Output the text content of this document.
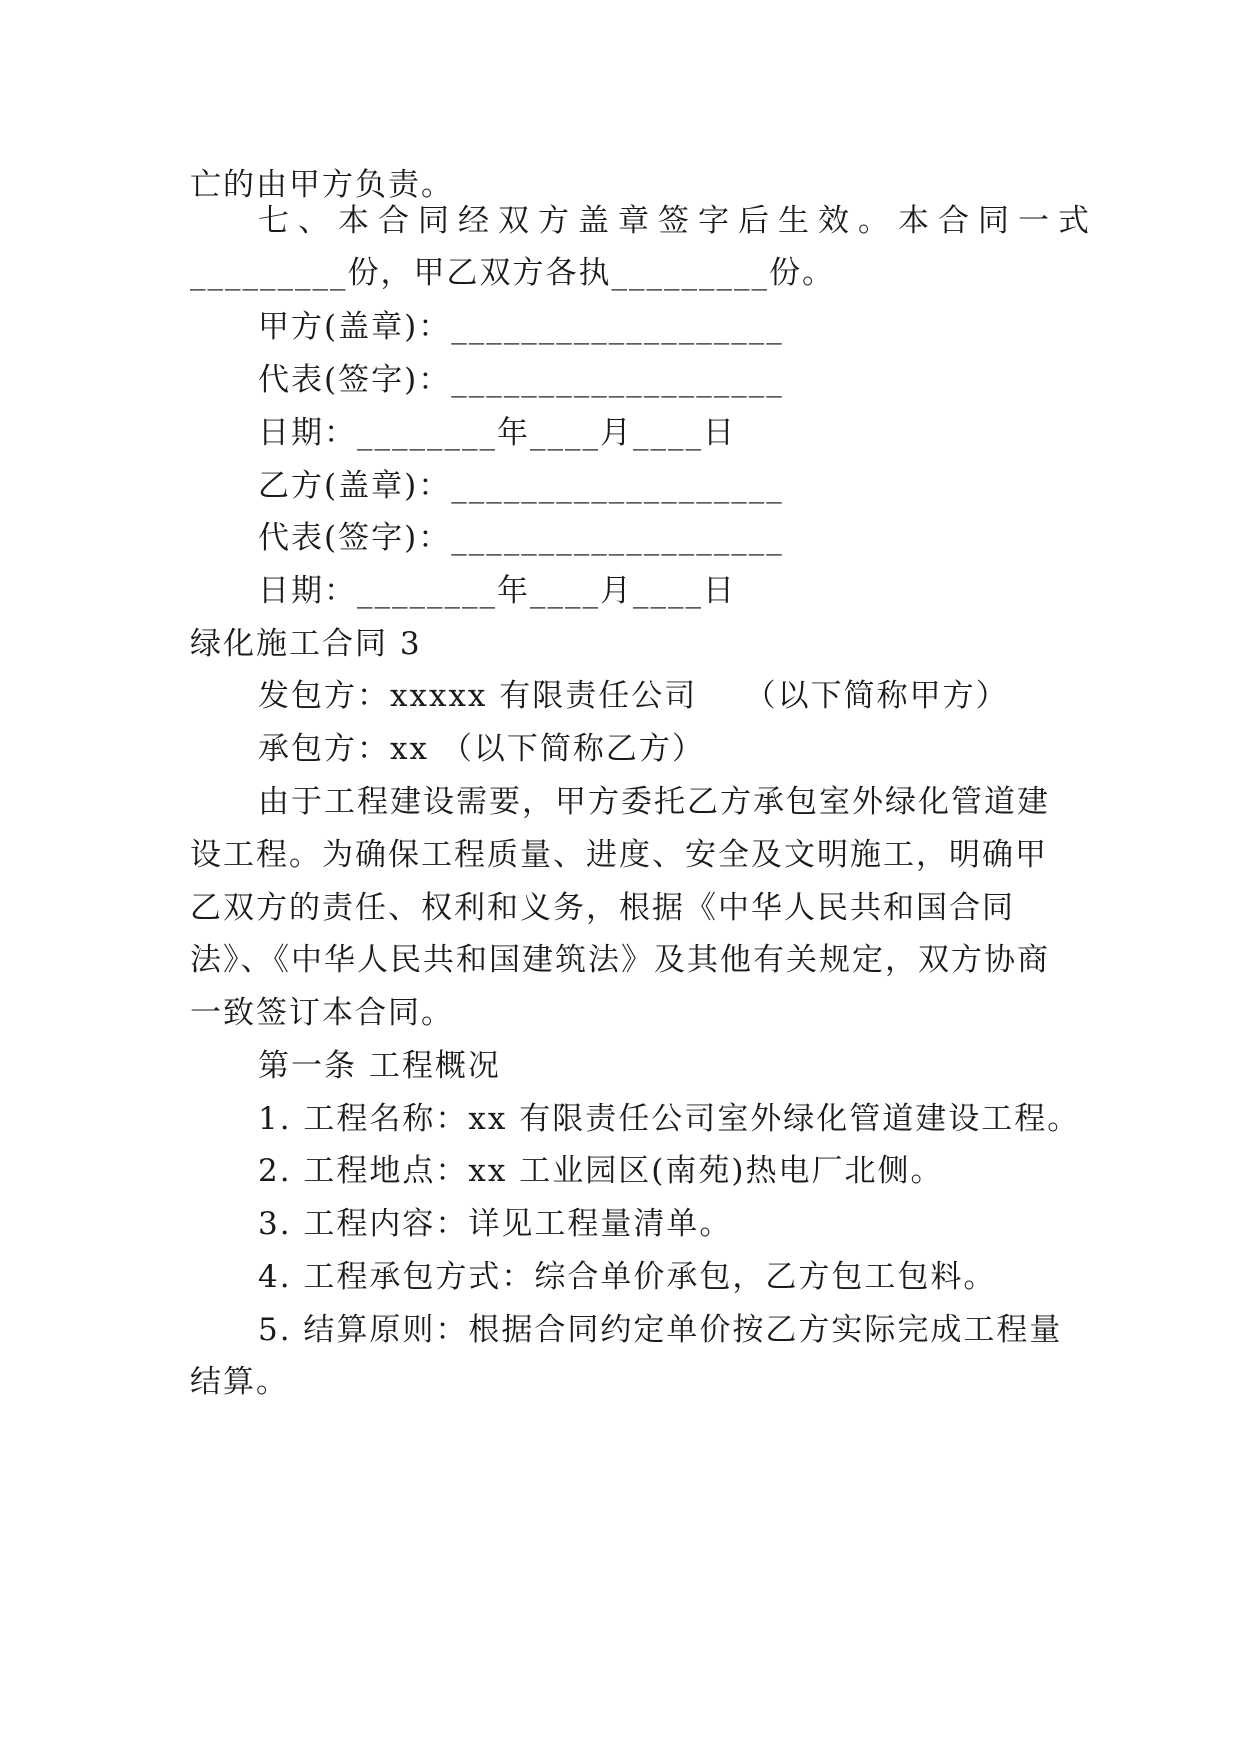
亡的由甲方负责。

七、本合同经双方盖章签字后生效。本合同一式

_________份，甲乙双方各执_________份。

甲方(盖章)：___________________

代表(签字)：___________________

日期：________年____月____日

乙方(盖章)：___________________

代表(签字)：___________________

日期：________年____月____日

绿化施工合同 3

发包方：xxxxx 有限责任公司    （以下简称甲方）

承包方：xx （以下简称乙方）

由于工程建设需要，甲方委托乙方承包室外绿化管道建

设工程。为确保工程质量、进度、安全及文明施工，明确甲

乙双方的责任、权利和义务，根据《中华人民共和国合同

法》、《中华人民共和国建筑法》及其他有关规定，双方协商

一致签订本合同。

第一条 工程概况

1. 工程名称：xx 有限责任公司室外绿化管道建设工程。

2. 工程地点：xx 工业园区(南苑)热电厂北侧。

3. 工程内容：详见工程量清单。

4. 工程承包方式：综合单价承包，乙方包工包料。

5. 结算原则：根据合同约定单价按乙方实际完成工程量

结算。
